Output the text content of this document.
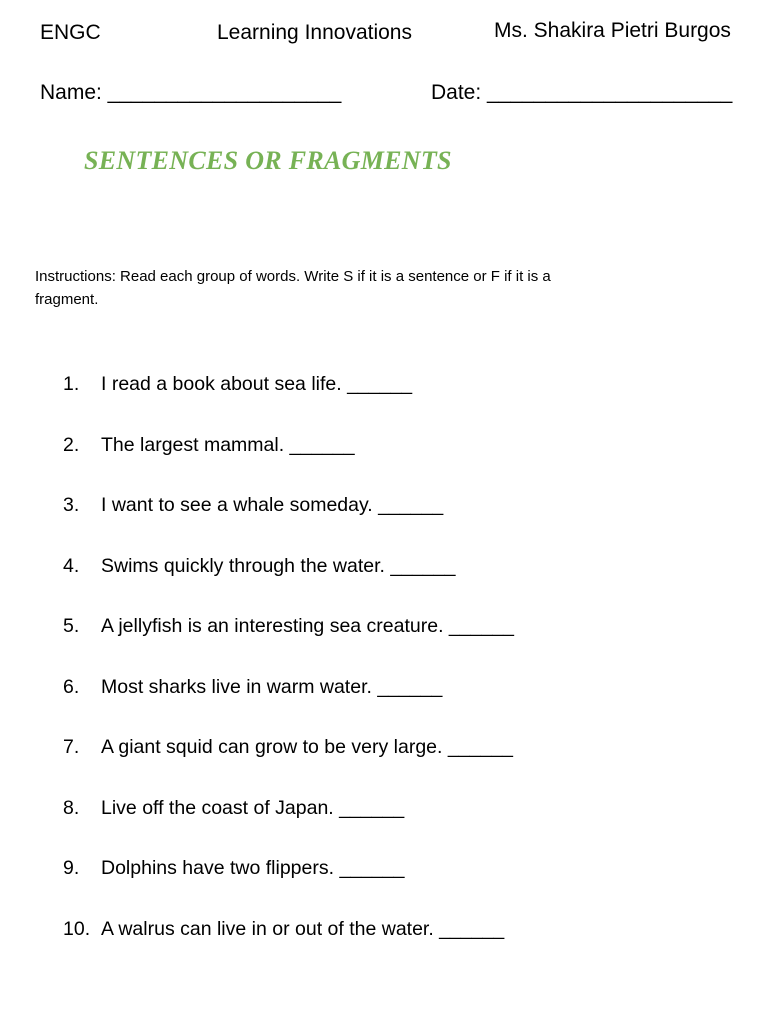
ENGC	Learning Innovations	Ms. Shakira Pietri Burgos
Name: ____________________	Date: _____________________
SENTENCES OR FRAGMENTS
Instructions: Read each group of words. Write S if it is a sentence or F if it is a fragment.
1. I read a book about sea life. ______
2. The largest mammal. ______
3. I want to see a whale someday. ______
4. Swims quickly through the water. ______
5. A jellyfish is an interesting sea creature. ______
6. Most sharks live in warm water. ______
7. A giant squid can grow to be very large. ______
8. Live off the coast of Japan. ______
9. Dolphins have two flippers. ______
10. A walrus can live in or out of the water. ______
